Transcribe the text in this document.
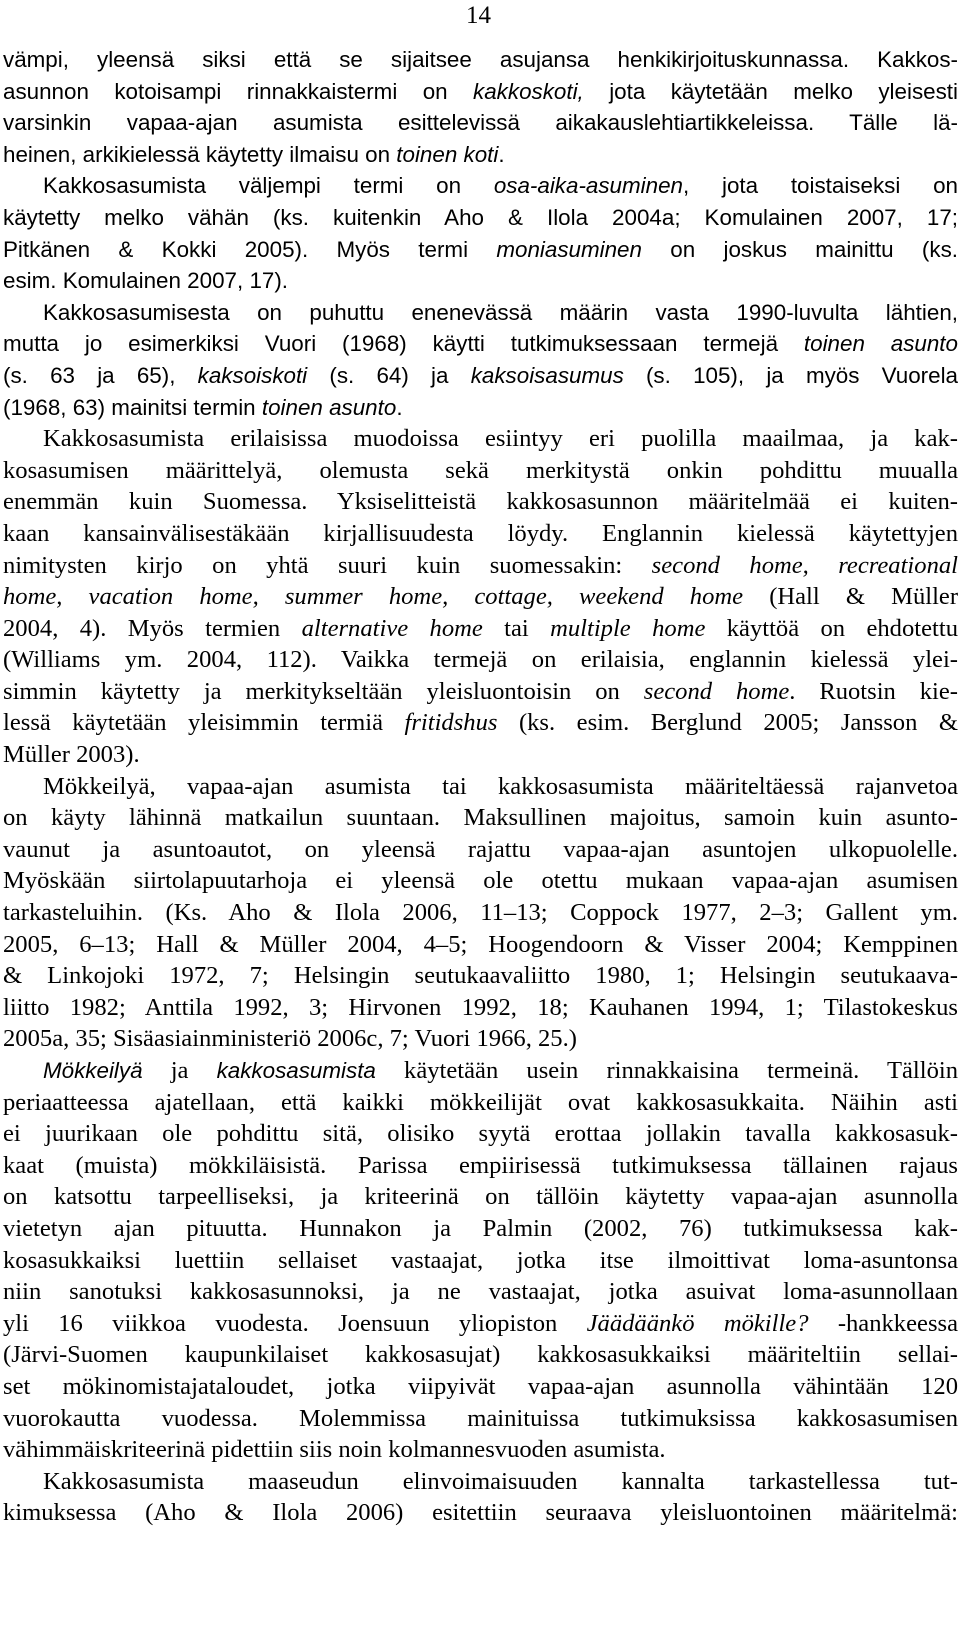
14
vämpi, yleensä siksi että se sijaitsee asujansa henkikirjoituskunnassa. Kakkos-
asunnon kotoisampi rinnakkaistermi on kakkoskoti, jota käytetään melko yleisesti
varsinkin vapaa-ajan asumista esittelevissä aikakauslehtiartikkeleissa. Tälle lä-
heinen, arkikielessä käytetty ilmaisu on toinen koti.
Kakkosasumista väljempi termi on osa-aika-asuminen, jota toistaiseksi on
käytetty melko vähän (ks. kuitenkin Aho & Ilola 2004a; Komulainen 2007, 17;
Pitkänen & Kokki 2005). Myös termi moniasuminen on joskus mainittu (ks.
esim. Komulainen 2007, 17).
Kakkosasumisesta on puhuttu enenevässä määrin vasta 1990-luvulta lähtien,
mutta jo esimerkiksi Vuori (1968) käytti tutkimuksessaan termejä toinen asunto
(s. 63 ja 65), kaksoiskoti (s. 64) ja kaksoisasumus (s. 105), ja myös Vuorela
(1968, 63) mainitsi termin toinen asunto.
Kakkosasumista erilaisissa muodoissa esiintyy eri puolilla maailmaa, ja kak-
kosasumisen määrittelyä, olemusta sekä merkitystä onkin pohdittu muualla
enemmän kuin Suomessa. Yksiselitteistä kakkosasunnon määritelmää ei kuiten-
kaan kansainvälisestäkään kirjallisuudesta löydy. Englannin kielessä käytettyjen
nimitysten kirjo on yhtä suuri kuin suomessakin: second home, recreational
home, vacation home, summer home, cottage, weekend home (Hall & Müller
2004, 4). Myös termien alternative home tai multiple home käyttöä on ehdotettu
(Williams ym. 2004, 112). Vaikka termejä on erilaisia, englannin kielessä ylei-
simmin käytetty ja merkitykseltään yleisluontoisin on second home. Ruotsin kie-
lessä käytetään yleisimmin termiä fritidshus (ks. esim. Berglund 2005; Jansson &
Müller 2003).
Mökkeilyä, vapaa-ajan asumista tai kakkosasumista määriteltäessä rajanvetoa
on käyty lähinnä matkailun suuntaan. Maksullinen majoitus, samoin kuin asunto-
vaunut ja asuntoautot, on yleensä rajattu vapaa-ajan asuntojen ulkopuolelle.
Myöskään siirtolapuutarhoja ei yleensä ole otettu mukaan vapaa-ajan asumisen
tarkasteluihin. (Ks. Aho & Ilola 2006, 11–13; Coppock 1977, 2–3; Gallent ym.
2005, 6–13; Hall & Müller 2004, 4–5; Hoogendoorn & Visser 2004; Kemppinen
& Linkojoki 1972, 7; Helsingin seutukaavaliitto 1980, 1; Helsingin seutukaava-
liitto 1982; Anttila 1992, 3; Hirvonen 1992, 18; Kauhanen 1994, 1; Tilastokeskus
2005a, 35; Sisäasiainministeriö 2006c, 7; Vuori 1966, 25.)
Mökkeilyä ja kakkosasumista käytetään usein rinnakkaisina termeinä. Tällöin
periaatteessa ajatellaan, että kaikki mökkeilijät ovat kakkosasukkaita. Näihin asti
ei juurikaan ole pohdittu sitä, olisiko syytä erottaa jollakin tavalla kakkosasuk-
kaat (muista) mökkiläisistä. Parissa empiirisessä tutkimuksessa tällainen rajaus
on katsottu tarpeelliseksi, ja kriteerinä on tällöin käytetty vapaa-ajan asunnolla
vietetyn ajan pituutta. Hunnakon ja Palmin (2002, 76) tutkimuksessa kak-
kosasukkaiksi luettiin sellaiset vastaajat, jotka itse ilmoittivat loma-asuntonsa
niin sanotuksi kakkosasunnoksi, ja ne vastaajat, jotka asuivat loma-asunnollaan
yli 16 viikkoa vuodesta. Joensuun yliopiston Jäädäänkö mökille? -hankkeessa
(Järvi-Suomen kaupunkilaiset kakkosasujat) kakkosasukkaiksi määriteltiin sellai-
set mökinomistajataloudet, jotka viipyivät vapaa-ajan asunnolla vähintään 120
vuorokautta vuodessa. Molemmissa mainituissa tutkimuksissa kakkosasumisen
vähimmäiskriteerinä pidettiin siis noin kolmannesvuoden asumista.
Kakkosasumista maaseudun elinvoimaisuuden kannalta tarkastellessa tut-
kimuksessa (Aho & Ilola 2006) esitettiin seuraava yleisluontoinen määritelmä:
